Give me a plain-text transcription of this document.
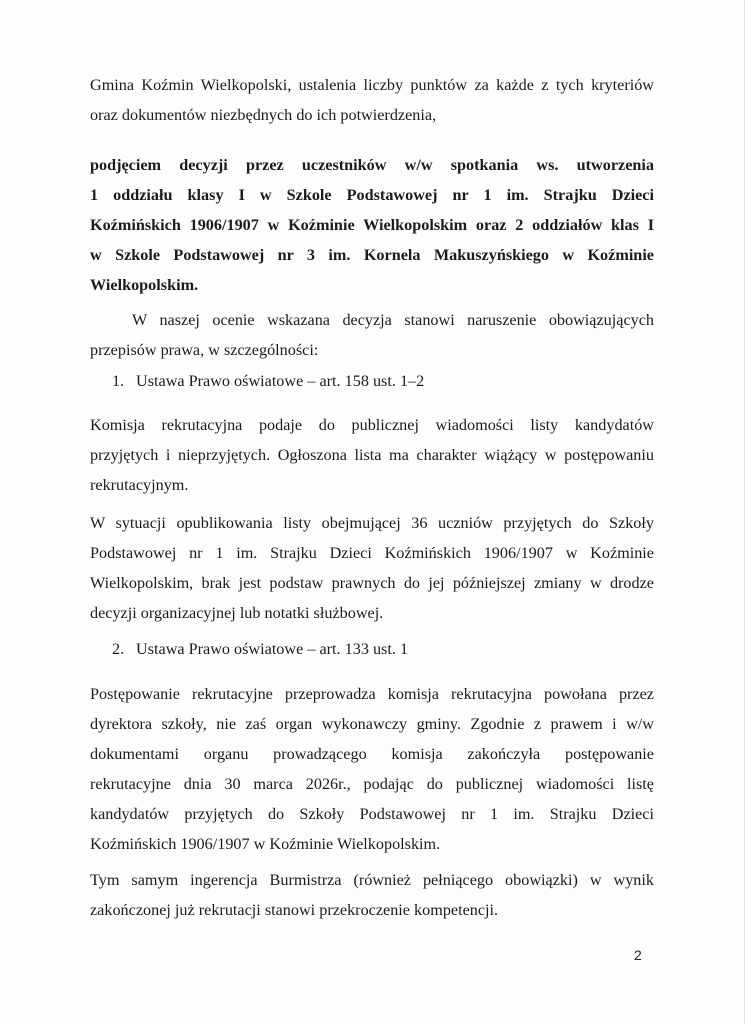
Gmina Koźmin Wielkopolski, ustalenia liczby punktów za każde z tych kryteriów
oraz dokumentów niezbędnych do ich potwierdzenia,
podjęciem decyzji przez uczestników w/w spotkania ws. utworzenia
1 oddziału klasy I w Szkole Podstawowej nr 1 im. Strajku Dzieci
Koźmińskich 1906/1907 w Koźminie Wielkopolskim oraz 2 oddziałów klas I
w Szkole Podstawowej nr 3 im. Kornela Makuszyńskiego w Koźminie
Wielkopolskim.
W naszej ocenie wskazana decyzja stanowi naruszenie obowiązujących
przepisów prawa, w szczególności:
1. Ustawa Prawo oświatowe – art. 158 ust. 1–2
Komisja rekrutacyjna podaje do publicznej wiadomości listy kandydatów
przyjętych i nieprzyjętych. Ogłoszona lista ma charakter wiążący w postępowaniu
rekrutacyjnym.
W sytuacji opublikowania listy obejmującej 36 uczniów przyjętych do Szkoły
Podstawowej nr 1 im. Strajku Dzieci Koźmińskich 1906/1907 w Koźminie
Wielkopolskim, brak jest podstaw prawnych do jej późniejszej zmiany w drodze
decyzji organizacyjnej lub notatki służbowej.
2. Ustawa Prawo oświatowe – art. 133 ust. 1
Postępowanie rekrutacyjne przeprowadza komisja rekrutacyjna powołana przez
dyrektora szkoły, nie zaś organ wykonawczy gminy. Zgodnie z prawem i w/w
dokumentami organu prowadzącego komisja zakończyła postępowanie
rekrutacyjne dnia 30 marca 2026r., podając do publicznej wiadomości listę
kandydatów przyjętych do Szkoły Podstawowej nr 1 im. Strajku Dzieci
Koźmińskich 1906/1907 w Koźminie Wielkopolskim.
Tym samym ingerencja Burmistrza (również pełniącego obowiązki) w wynik
zakończonej już rekrutacji stanowi przekroczenie kompetencji.
2
